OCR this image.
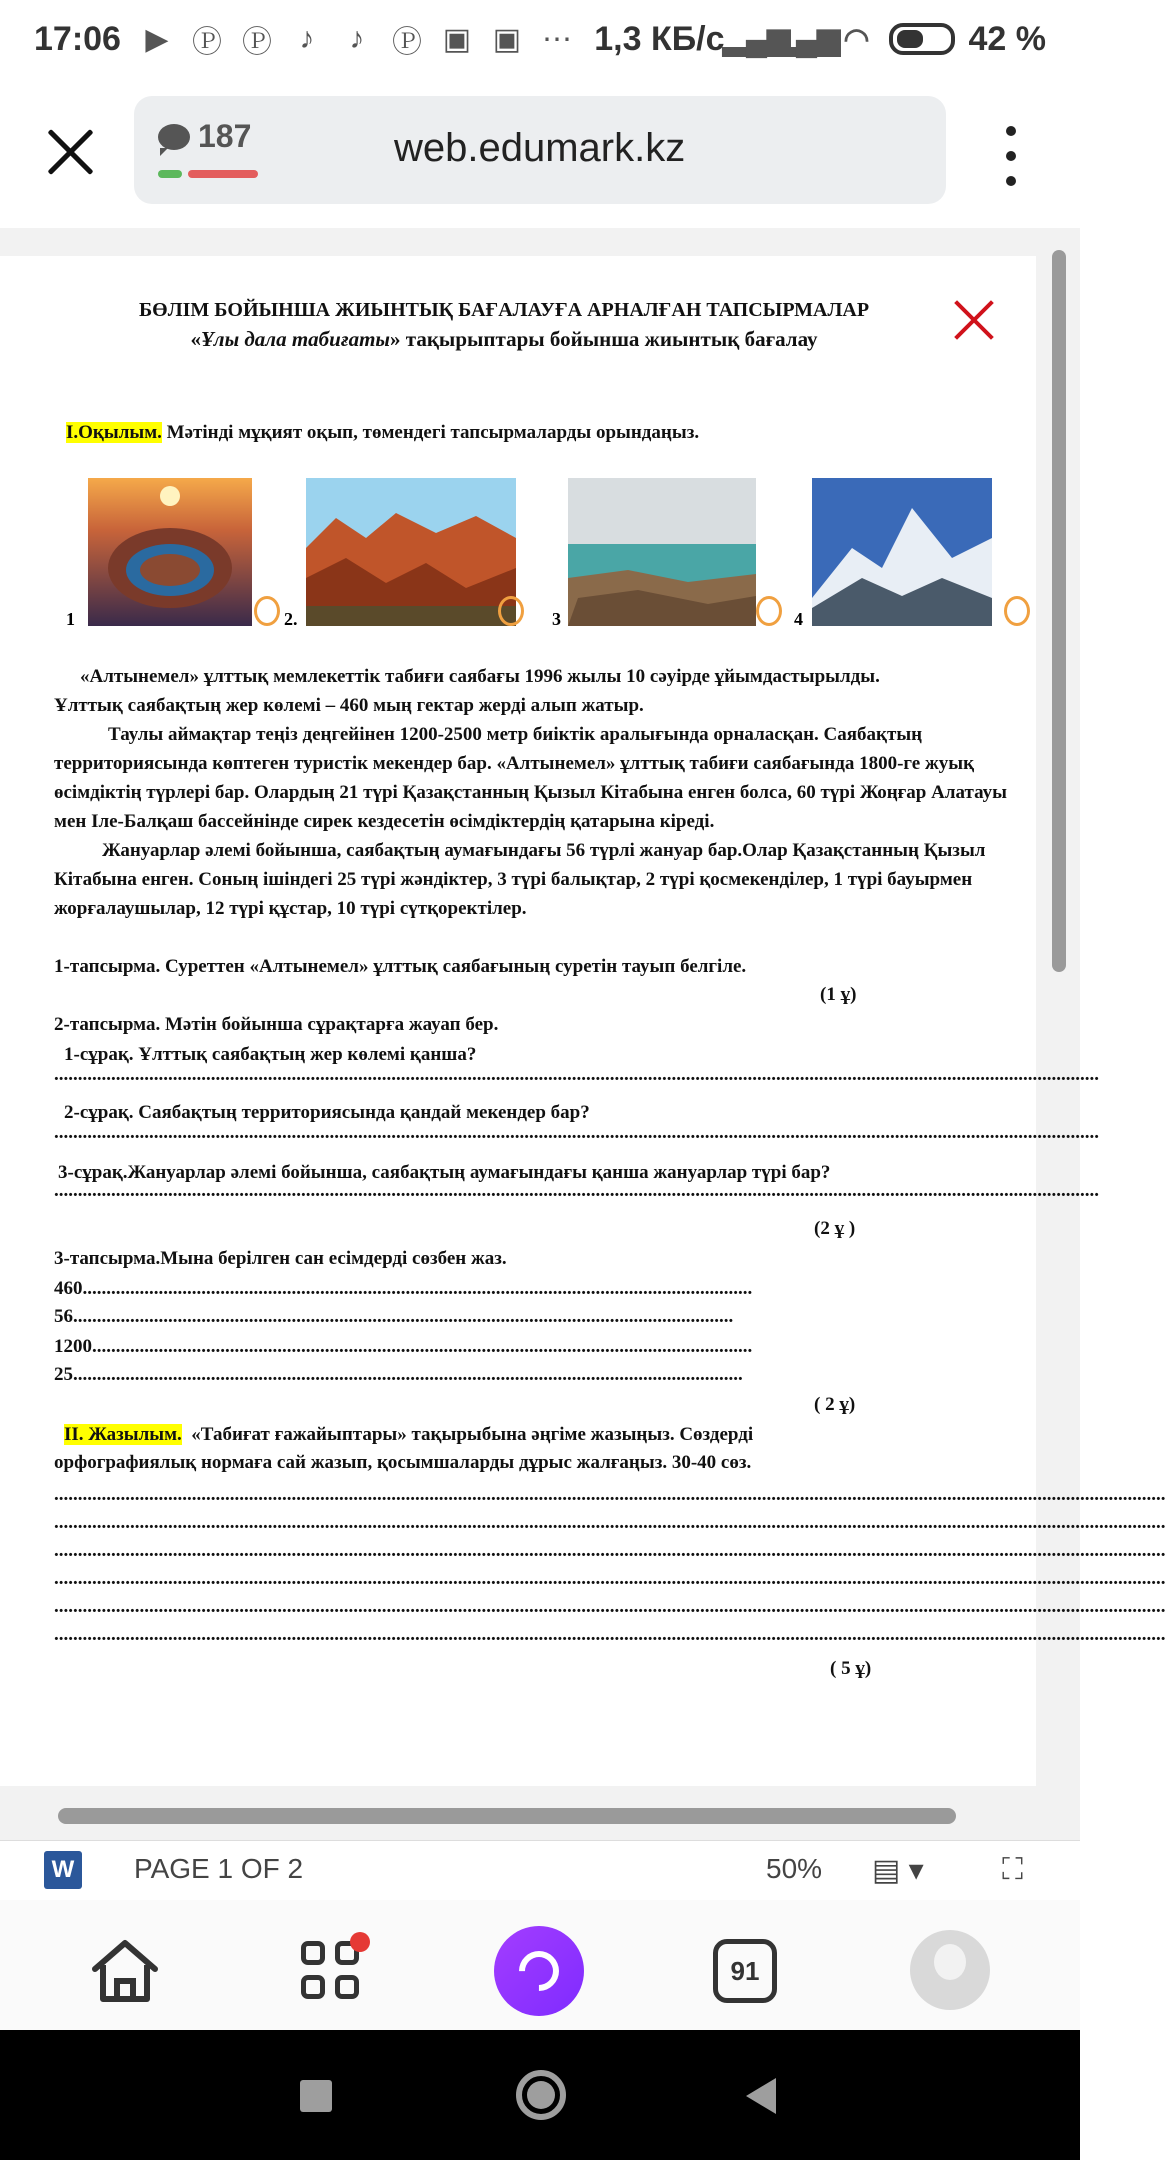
17:06 ▶ Ⓟ Ⓟ ♪	♪ Ⓟ ▣ ▣ ⋯ 1,3 КБ/с
▂▄▆
▂▄▆ ◠	42 %
187	web.edumark.kz
БӨЛІМ БОЙЫНША ЖИЫНТЫҚ БАҒАЛАУҒА АРНАЛҒАН ТАПСЫРМАЛАР
«Ұлы дала табиғаты» тақырыптары бойынша жиынтық бағалау
І.Оқылым. Мәтінді мұқият оқып, төмендегі тапсырмаларды орындаңыз.
1	2.	3	4
«Алтынемел» ұлттық мемлекеттік табиғи саябағы 1996 жылы 10 сәуірде ұйымдастырылды.
Ұлттық саябақтың жер көлемі – 460 мың гектар жерді алып жатыр.
Таулы аймақтар теңіз деңгейінен 1200-2500 метр биіктік аралығында орналасқан. Саябақтың территориясында көптеген туристік мекендер бар. «Алтынемел» ұлттық табиғи саябағында 1800-ге жуық өсімдіктің түрлері бар. Олардың 21 түрі Қазақстанның Қызыл Кітабына енген болса, 60 түрі Жоңғар Алатауы мен Іле-Балқаш бассейнінде сирек кездесетін өсімдіктердің қатарына кіреді.
Жануарлар әлемі бойынша, саябақтың аумағындағы 56 түрлі жануар бар.Олар Қазақстанның Қызыл Кітабына енген. Соның ішіндегі 25 түрі жәндіктер, 3 түрі балықтар, 2 түрі қосмекенділер, 1 түрі бауырмен жорғалаушылар, 12 түрі құстар, 10 түрі сүтқоректілер.
1-тапсырма. Суреттен «Алтынемел» ұлттық саябағының суретін тауып белгіле.
(1 ұ)
2-тапсырма. Мәтін бойынша сұрақтарға жауап бер.
1-сұрақ. Ұлттық саябақтың жер көлемі қанша?
............................................................................................................................................................................................................................
2-сұрақ. Саябақтың территориясында қандай мекендер бар?
............................................................................................................................................................................................................................
3-сұрақ.Жануарлар әлемі бойынша, саябақтың аумағындағы қанша жануарлар түрі бар?
............................................................................................................................................................................................................................
(2 ұ )
3-тапсырма.Мына берілген сан есімдерді сөзбен жаз.
460.............................................................................................................................................
56...........................................................................................................................................
1200...........................................................................................................................................
25.............................................................................................................................................
( 2 ұ)
ІІ. Жазылым. «Табиғат ғажайыптары» тақырыбына әңгіме жазыңыз. Сөздерді
орфографиялық нормаға сай жазып, қосымшаларды дұрыс жалғаңыз. 30-40 сөз.
..........................................................................................................................................................................................................................................
..........................................................................................................................................................................................................................................
..........................................................................................................................................................................................................................................
..........................................................................................................................................................................................................................................
..........................................................................................................................................................................................................................................
..........................................................................................................................................................................................................................................
( 5 ұ)
W PAGE 1 OF 2	50% ▤ ▾	⛶
91
